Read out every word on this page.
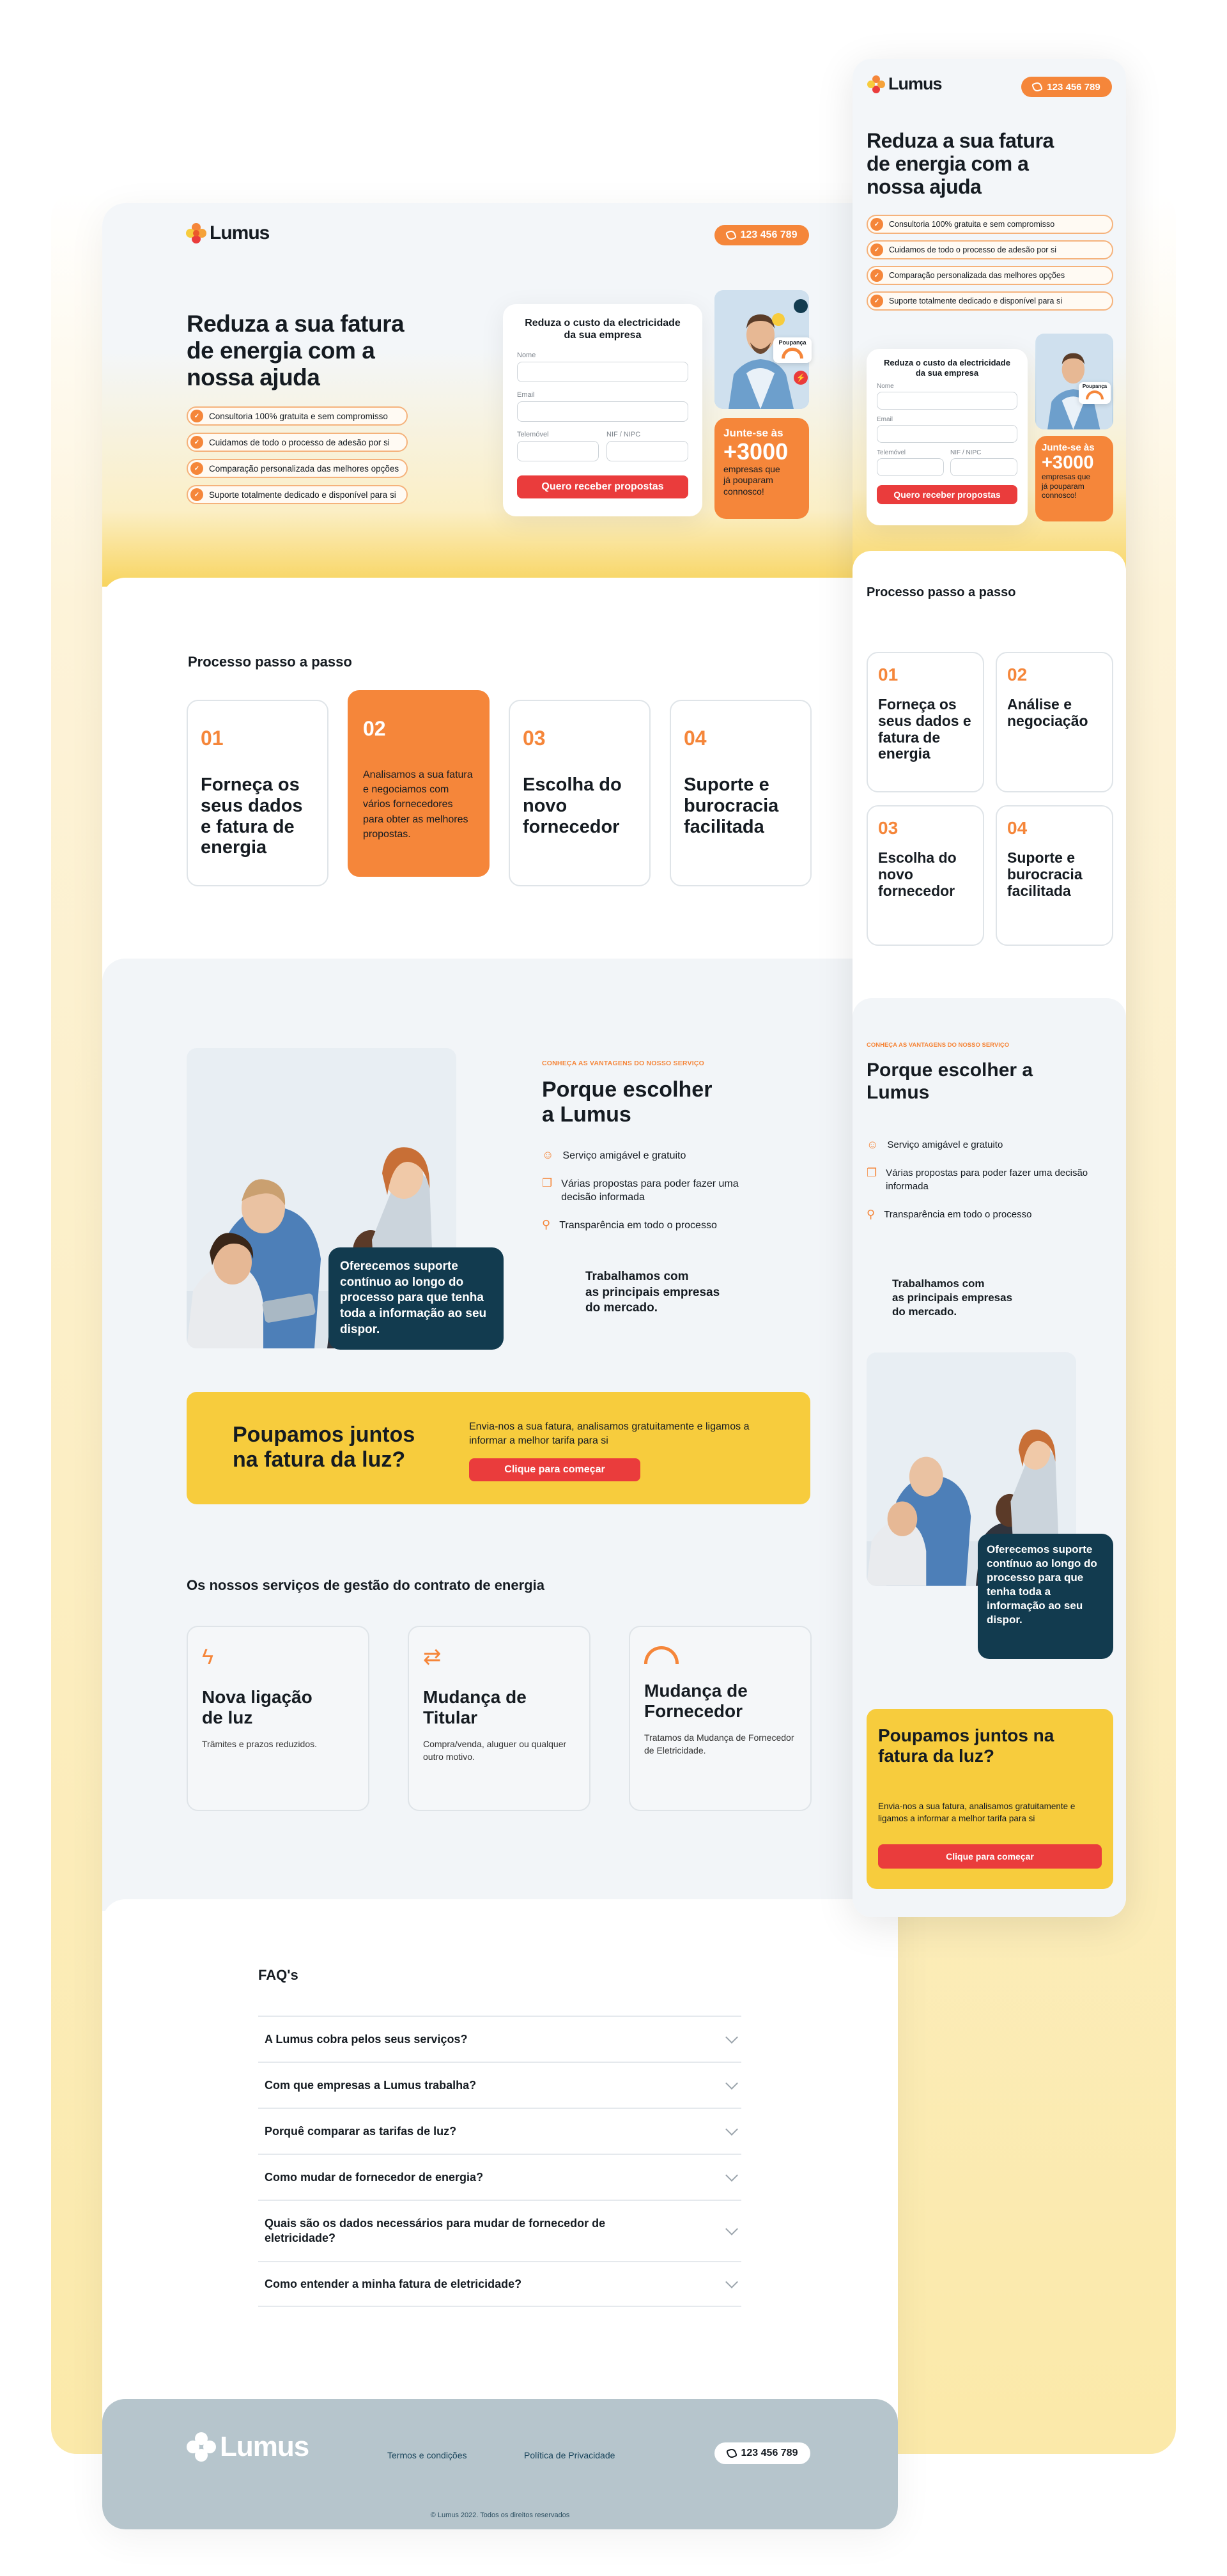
Lumus	123 456 789
Reduza a sua fatura
de energia com a
nossa ajuda
✓	Consultoria 100% gratuita e sem compromisso
✓	Cuidamos de todo o processo de adesão por si
✓	Comparação personalizada das melhores opções
✓	Suporte totalmente dedicado e disponível para si
Reduza o custo da electricidade
da sua empresa
Nome
Email
Telemóvel	NIF / NIPC
Quero receber propostas
Poupança
⚡
Junte-se às
+3000
empresas que
já pouparam
connosco!
Processo passo a passo
01
Forneça os seus dados e fatura de energia
02
Analisamos a sua fatura e negociamos com vários fornecedores para obter as melhores propostas.
03
Escolha do novo fornecedor
04
Suporte e burocracia facilitada
Oferecemos suporte contínuo ao longo do processo para que tenha toda a informação ao seu dispor.
CONHEÇA AS VANTAGENS DO NOSSO SERVIÇO
Porque escolher
a Lumus
☺ Serviço amigável e gratuito
❐ Várias propostas para poder fazer uma decisão informada
⚲ Transparência em todo o processo
Trabalhamos com
as principais empresas
do mercado.
Poupamos juntos
na fatura da luz?
Envia-nos a sua fatura, analisamos gratuitamente e ligamos a informar a melhor tarifa para si
Clique para começar
Os nossos serviços de gestão do contrato de energia
ϟ
Nova ligação
de luz
Trâmites e prazos reduzidos.
⇄
Mudança de
Titular
Compra/venda, aluguer ou qualquer outro motivo.
Mudança de
Fornecedor
Tratamos da Mudança de Fornecedor de Eletricidade.
FAQ's
A Lumus cobra pelos seus serviços?
Com que empresas a Lumus trabalha?
Porquê comparar as tarifas de luz?
Como mudar de fornecedor de energia?
Quais são os dados necessários para mudar de fornecedor de eletricidade?
Como entender a minha fatura de eletricidade?
Lumus	Termos e condições	Política de Privacidade	123 456 789
© Lumus 2022. Todos os direitos reservados
Lumus	123 456 789
Reduza a sua fatura
de energia com a
nossa ajuda
✓	Consultoria 100% gratuita e sem compromisso
✓	Cuidamos de todo o processo de adesão por si
✓	Comparação personalizada das melhores opções
✓	Suporte totalmente dedicado e disponível para si
Reduza o custo da electricidade
da sua empresa
Nome
Email
Telemóvel	NIF / NIPC
Quero receber propostas
Poupança
Junte-se às
+3000
empresas que
já pouparam
connosco!
Processo passo a passo
01
Forneça os seus dados e fatura de energia
02
Análise e negociação
03
Escolha do novo fornecedor
04
Suporte e burocracia facilitada
CONHEÇA AS VANTAGENS DO NOSSO SERVIÇO
Porque escolher a
Lumus
☺ Serviço amigável e gratuito
❐ Várias propostas para poder fazer uma decisão informada
⚲ Transparência em todo o processo
Trabalhamos com
as principais empresas
do mercado.
Oferecemos suporte contínuo ao longo do processo para que tenha toda a informação ao seu dispor.
Poupamos juntos na
fatura da luz?
Envia-nos a sua fatura, analisamos gratuitamente e ligamos a informar a melhor tarifa para si
Clique para começar
